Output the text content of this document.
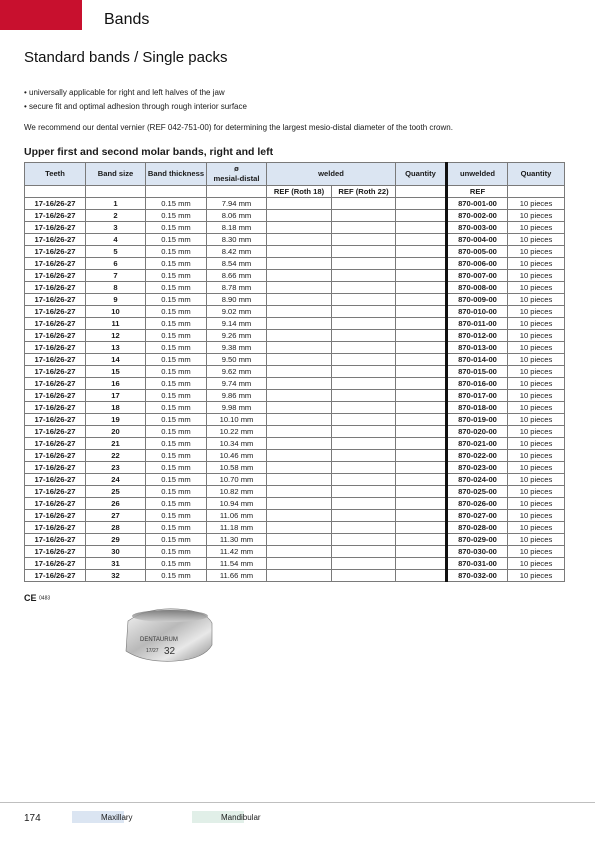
Bands
Standard bands / Single packs
• universally applicable for right and left halves of the jaw
• secure fit and optimal adhesion through rough interior surface
We recommend our dental vernier (REF 042-751-00) for determining the largest mesio-distal diameter of the tooth crown.
Upper first and second molar bands, right and left
Teeth	Band size	Band thickness	ø
mesial-distal	welded		Quantity	unwelded	Quantity
				REF (Roth 18)	REF (Roth 22)		REF	
17-16/26-27	1	0.15 mm	7.94 mm				870-001-00	10 pieces
17-16/26-27	2	0.15 mm	8.06 mm				870-002-00	10 pieces
17-16/26-27	3	0.15 mm	8.18 mm				870-003-00	10 pieces
17-16/26-27	4	0.15 mm	8.30 mm				870-004-00	10 pieces
17-16/26-27	5	0.15 mm	8.42 mm				870-005-00	10 pieces
17-16/26-27	6	0.15 mm	8.54 mm				870-006-00	10 pieces
17-16/26-27	7	0.15 mm	8.66 mm				870-007-00	10 pieces
17-16/26-27	8	0.15 mm	8.78 mm				870-008-00	10 pieces
17-16/26-27	9	0.15 mm	8.90 mm				870-009-00	10 pieces
17-16/26-27	10	0.15 mm	9.02 mm				870-010-00	10 pieces
17-16/26-27	11	0.15 mm	9.14 mm				870-011-00	10 pieces
17-16/26-27	12	0.15 mm	9.26 mm				870-012-00	10 pieces
17-16/26-27	13	0.15 mm	9.38 mm				870-013-00	10 pieces
17-16/26-27	14	0.15 mm	9.50 mm				870-014-00	10 pieces
17-16/26-27	15	0.15 mm	9.62 mm				870-015-00	10 pieces
17-16/26-27	16	0.15 mm	9.74 mm				870-016-00	10 pieces
17-16/26-27	17	0.15 mm	9.86 mm				870-017-00	10 pieces
17-16/26-27	18	0.15 mm	9.98 mm				870-018-00	10 pieces
17-16/26-27	19	0.15 mm	10.10 mm				870-019-00	10 pieces
17-16/26-27	20	0.15 mm	10.22 mm				870-020-00	10 pieces
17-16/26-27	21	0.15 mm	10.34 mm				870-021-00	10 pieces
17-16/26-27	22	0.15 mm	10.46 mm				870-022-00	10 pieces
17-16/26-27	23	0.15 mm	10.58 mm				870-023-00	10 pieces
17-16/26-27	24	0.15 mm	10.70 mm				870-024-00	10 pieces
17-16/26-27	25	0.15 mm	10.82 mm				870-025-00	10 pieces
17-16/26-27	26	0.15 mm	10.94 mm				870-026-00	10 pieces
17-16/26-27	27	0.15 mm	11.06 mm				870-027-00	10 pieces
17-16/26-27	28	0.15 mm	11.18 mm				870-028-00	10 pieces
17-16/26-27	29	0.15 mm	11.30 mm				870-029-00	10 pieces
17-16/26-27	30	0.15 mm	11.42 mm				870-030-00	10 pieces
17-16/26-27	31	0.15 mm	11.54 mm				870-031-00	10 pieces
17-16/26-27	32	0.15 mm	11.66 mm				870-032-00	10 pieces
CE 0483
DENTAURUM
17/27 32
174	Maxillary	Mandibular
